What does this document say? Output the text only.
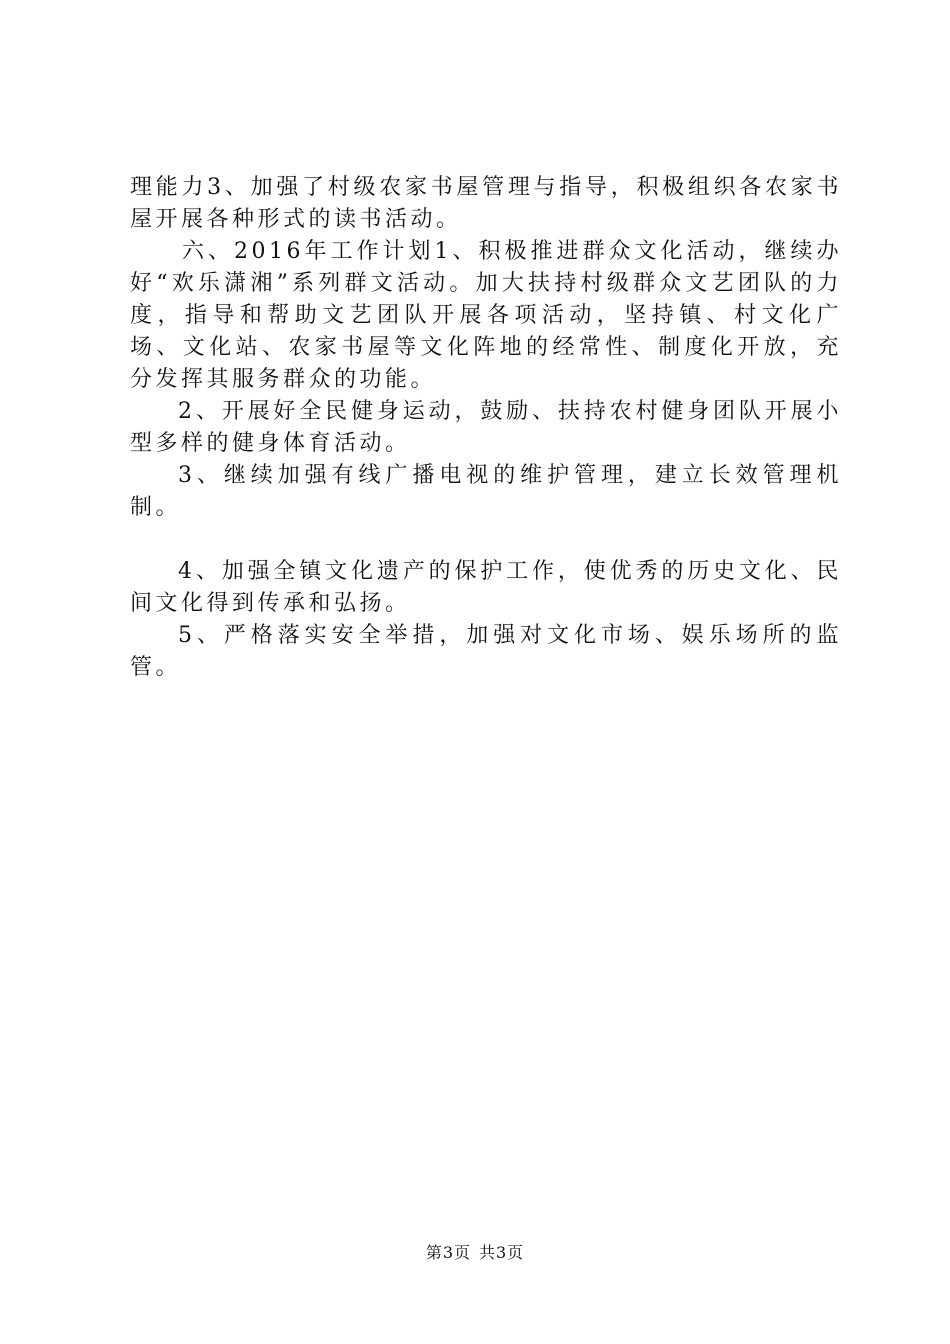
理能力3、加强了村级农家书屋管理与指导，积极组织各农家书屋开展各种形式的读书活动。

六、2016年工作计划1、积极推进群众文化活动，继续办好“欢乐潇湘”系列群文活动。加大扶持村级群众文艺团队的力度，指导和帮助文艺团队开展各项活动，坚持镇、村文化广场、文化站、农家书屋等文化阵地的经常性、制度化开放，充分发挥其服务群众的功能。

2、开展好全民健身运动，鼓励、扶持农村健身团队开展小型多样的健身体育活动。

3、继续加强有线广播电视的维护管理，建立长效管理机制。

4、加强全镇文化遗产的保护工作，使优秀的历史文化、民间文化得到传承和弘扬。

5、严格落实安全举措，加强对文化市场、娱乐场所的监管。

第3页 共3页
